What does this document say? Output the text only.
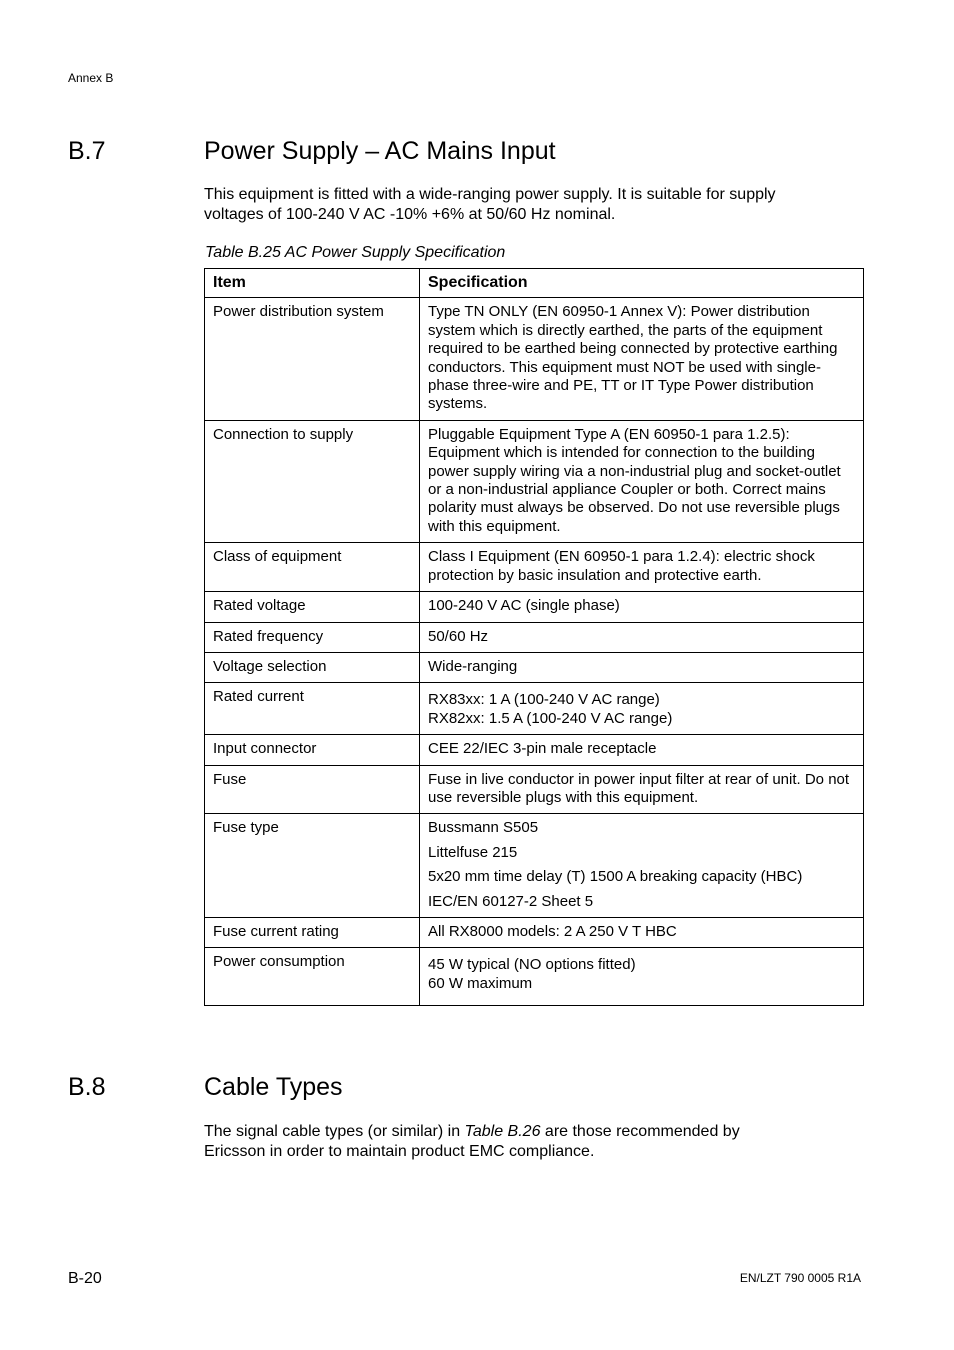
Annex B
B.7	Power Supply – AC Mains Input
This equipment is fitted with a wide-ranging power supply. It is suitable for supply
voltages of 100-240 V AC -10% +6% at 50/60 Hz nominal.
Table B.25 AC Power Supply Specification
Item	Specification
Power distribution system	Type TN ONLY (EN 60950-1 Annex V): Power distribution system which is directly earthed, the parts of the equipment required to be earthed being connected by protective earthing conductors. This equipment must NOT be used with single-phase three-wire and PE, TT or IT Type Power distribution systems.

Connection to supply	Pluggable Equipment Type A (EN 60950-1 para 1.2.5): Equipment which is intended for connection to the building power supply wiring via a non-industrial plug and socket-outlet or a non-industrial appliance Coupler or both. Correct mains polarity must always be observed. Do not use reversible plugs with this equipment.

Class of equipment	Class I Equipment (EN 60950-1 para 1.2.4): electric shock protection by basic insulation and protective earth.

Rated voltage	100-240 V AC (single phase)

Rated frequency	50/60 Hz

Voltage selection	Wide-ranging

Rated current	RX83xx: 1 A (100-240 V AC range)
RX82xx: 1.5 A (100-240 V AC range)

Input connector	CEE 22/IEC 3-pin male receptacle

Fuse	Fuse in live conductor in power input filter at rear of unit. Do not use reversible plugs with this equipment.

Fuse type	Bussmann S505
Littelfuse 215
5x20 mm time delay (T) 1500 A breaking capacity (HBC)
IEC/EN 60127-2 Sheet 5

Fuse current rating	All RX8000 models: 2 A 250 V T HBC

Power consumption	45 W typical (NO options fitted)
60 W maximum
B.8	Cable Types
The signal cable types (or similar) in Table B.26 are those recommended by
Ericsson in order to maintain product EMC compliance.
B-20	EN/LZT 790 0005 R1A
